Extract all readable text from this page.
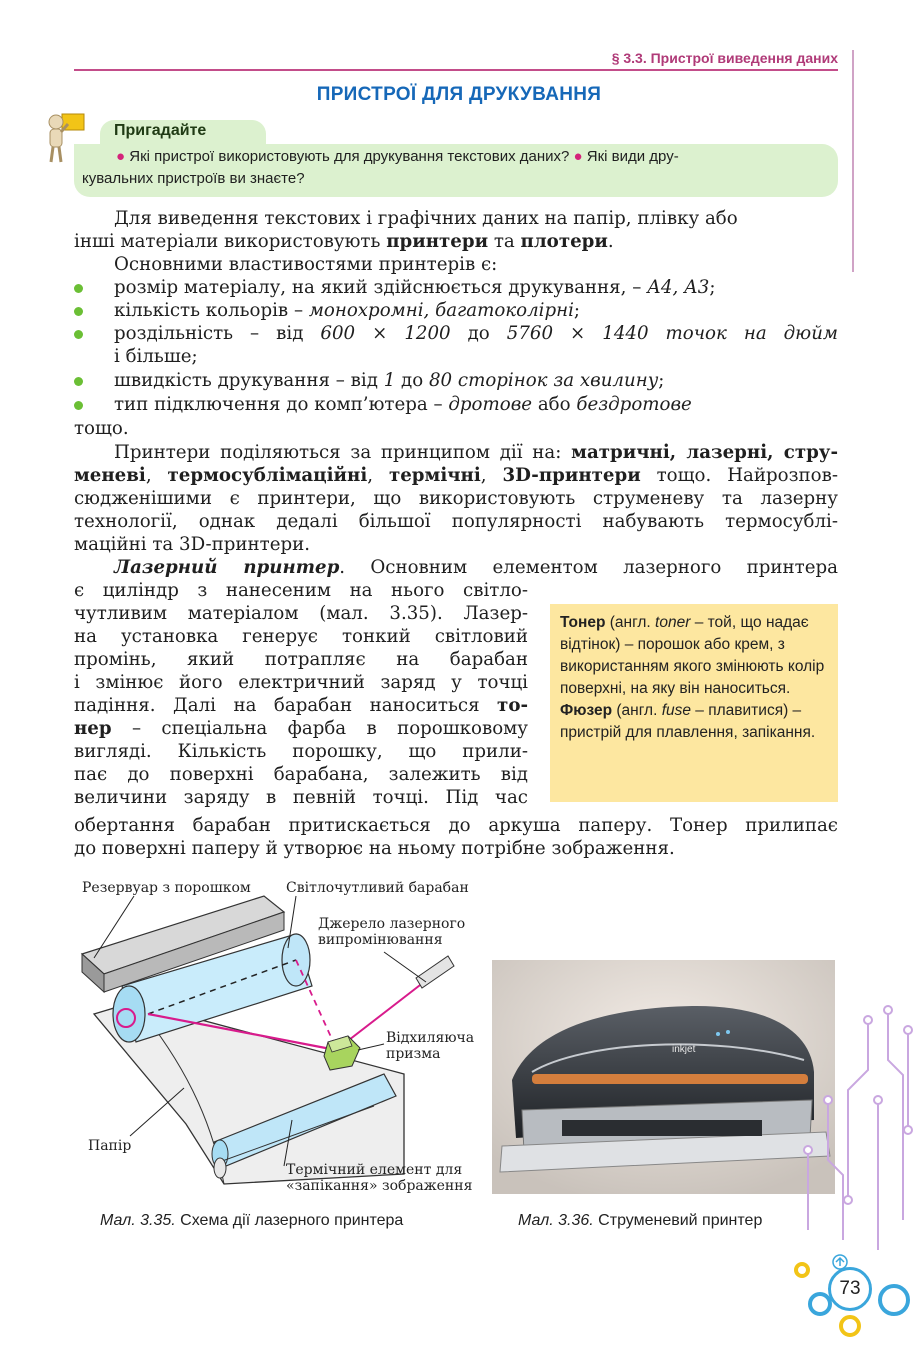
§ 3.3. Пристрої виведення даних
ПРИСТРОЇ ДЛЯ ДРУКУВАННЯ
Пригадайте
● Які пристрої використовують для друкування текстових даних? ● Які види дру-
кувальних пристроїв ви знаєте?
Для виведення текстових і графічних даних на папір, плівку або
інші матеріали використовують принтери та плотери.
Основними властивостями принтерів є:
розмір матеріалу, на який здійснюється друкування, – А4, А3;
кількість кольорів – монохромні, багатоколірні;
роздільність – від 600 × 1200 до 5760 × 1440 точок на дюйм
і більше;
швидкість друкування – від 1 до 80 сторінок за хвилину;
тип підключення до комп’ютера – дротове або бездротове
тощо.
Принтери поділяються за принципом дії на: матричні, лазерні, стру-
меневі, термосублімаційні, термічні, 3D-принтери тощо. Найрозпов-
сюдженішими є принтери, що використовують струменеву та лазерну
технології, однак дедалі більшої популярності набувають термосублі-
маційні та 3D-принтери.
Лазерний принтер. Основним елементом лазерного принтера
є циліндр з нанесеним на нього світло-
чутливим матеріалом (мал. 3.35). Лазер-
на установка генерує тонкий світловий
промінь, який потрапляє на барабан
і змінює його електричний заряд у точці
падіння. Далі на барабан наноситься то-
нер – спеціальна фарба в порошковому
вигляді. Кількість порошку, що прили-
пає до поверхні барабана, залежить від
величини заряду в певній точці. Під час
обертання барабан притискається до аркуша паперу. Тонер прилипає
до поверхні паперу й утворює на ньому потрібне зображення.
Тонер (англ. toner – той, що надає відтінок) – порошок або крем, з використанням якого змінюють колір поверхні, на яку він наноситься.
Фюзер (англ. fuse – плавитися) – пристрій для плавлення, запікання.
Резервуар з порошком	Світлочутливий барабан
Джерело лазерного
випромінювання
Відхиляюча
призма
Папір
Термічний елемент для
«запікання» зображення
inkjet
Мал. 3.35. Схема дії лазерного принтера	Мал. 3.36. Струменевий принтер
73
